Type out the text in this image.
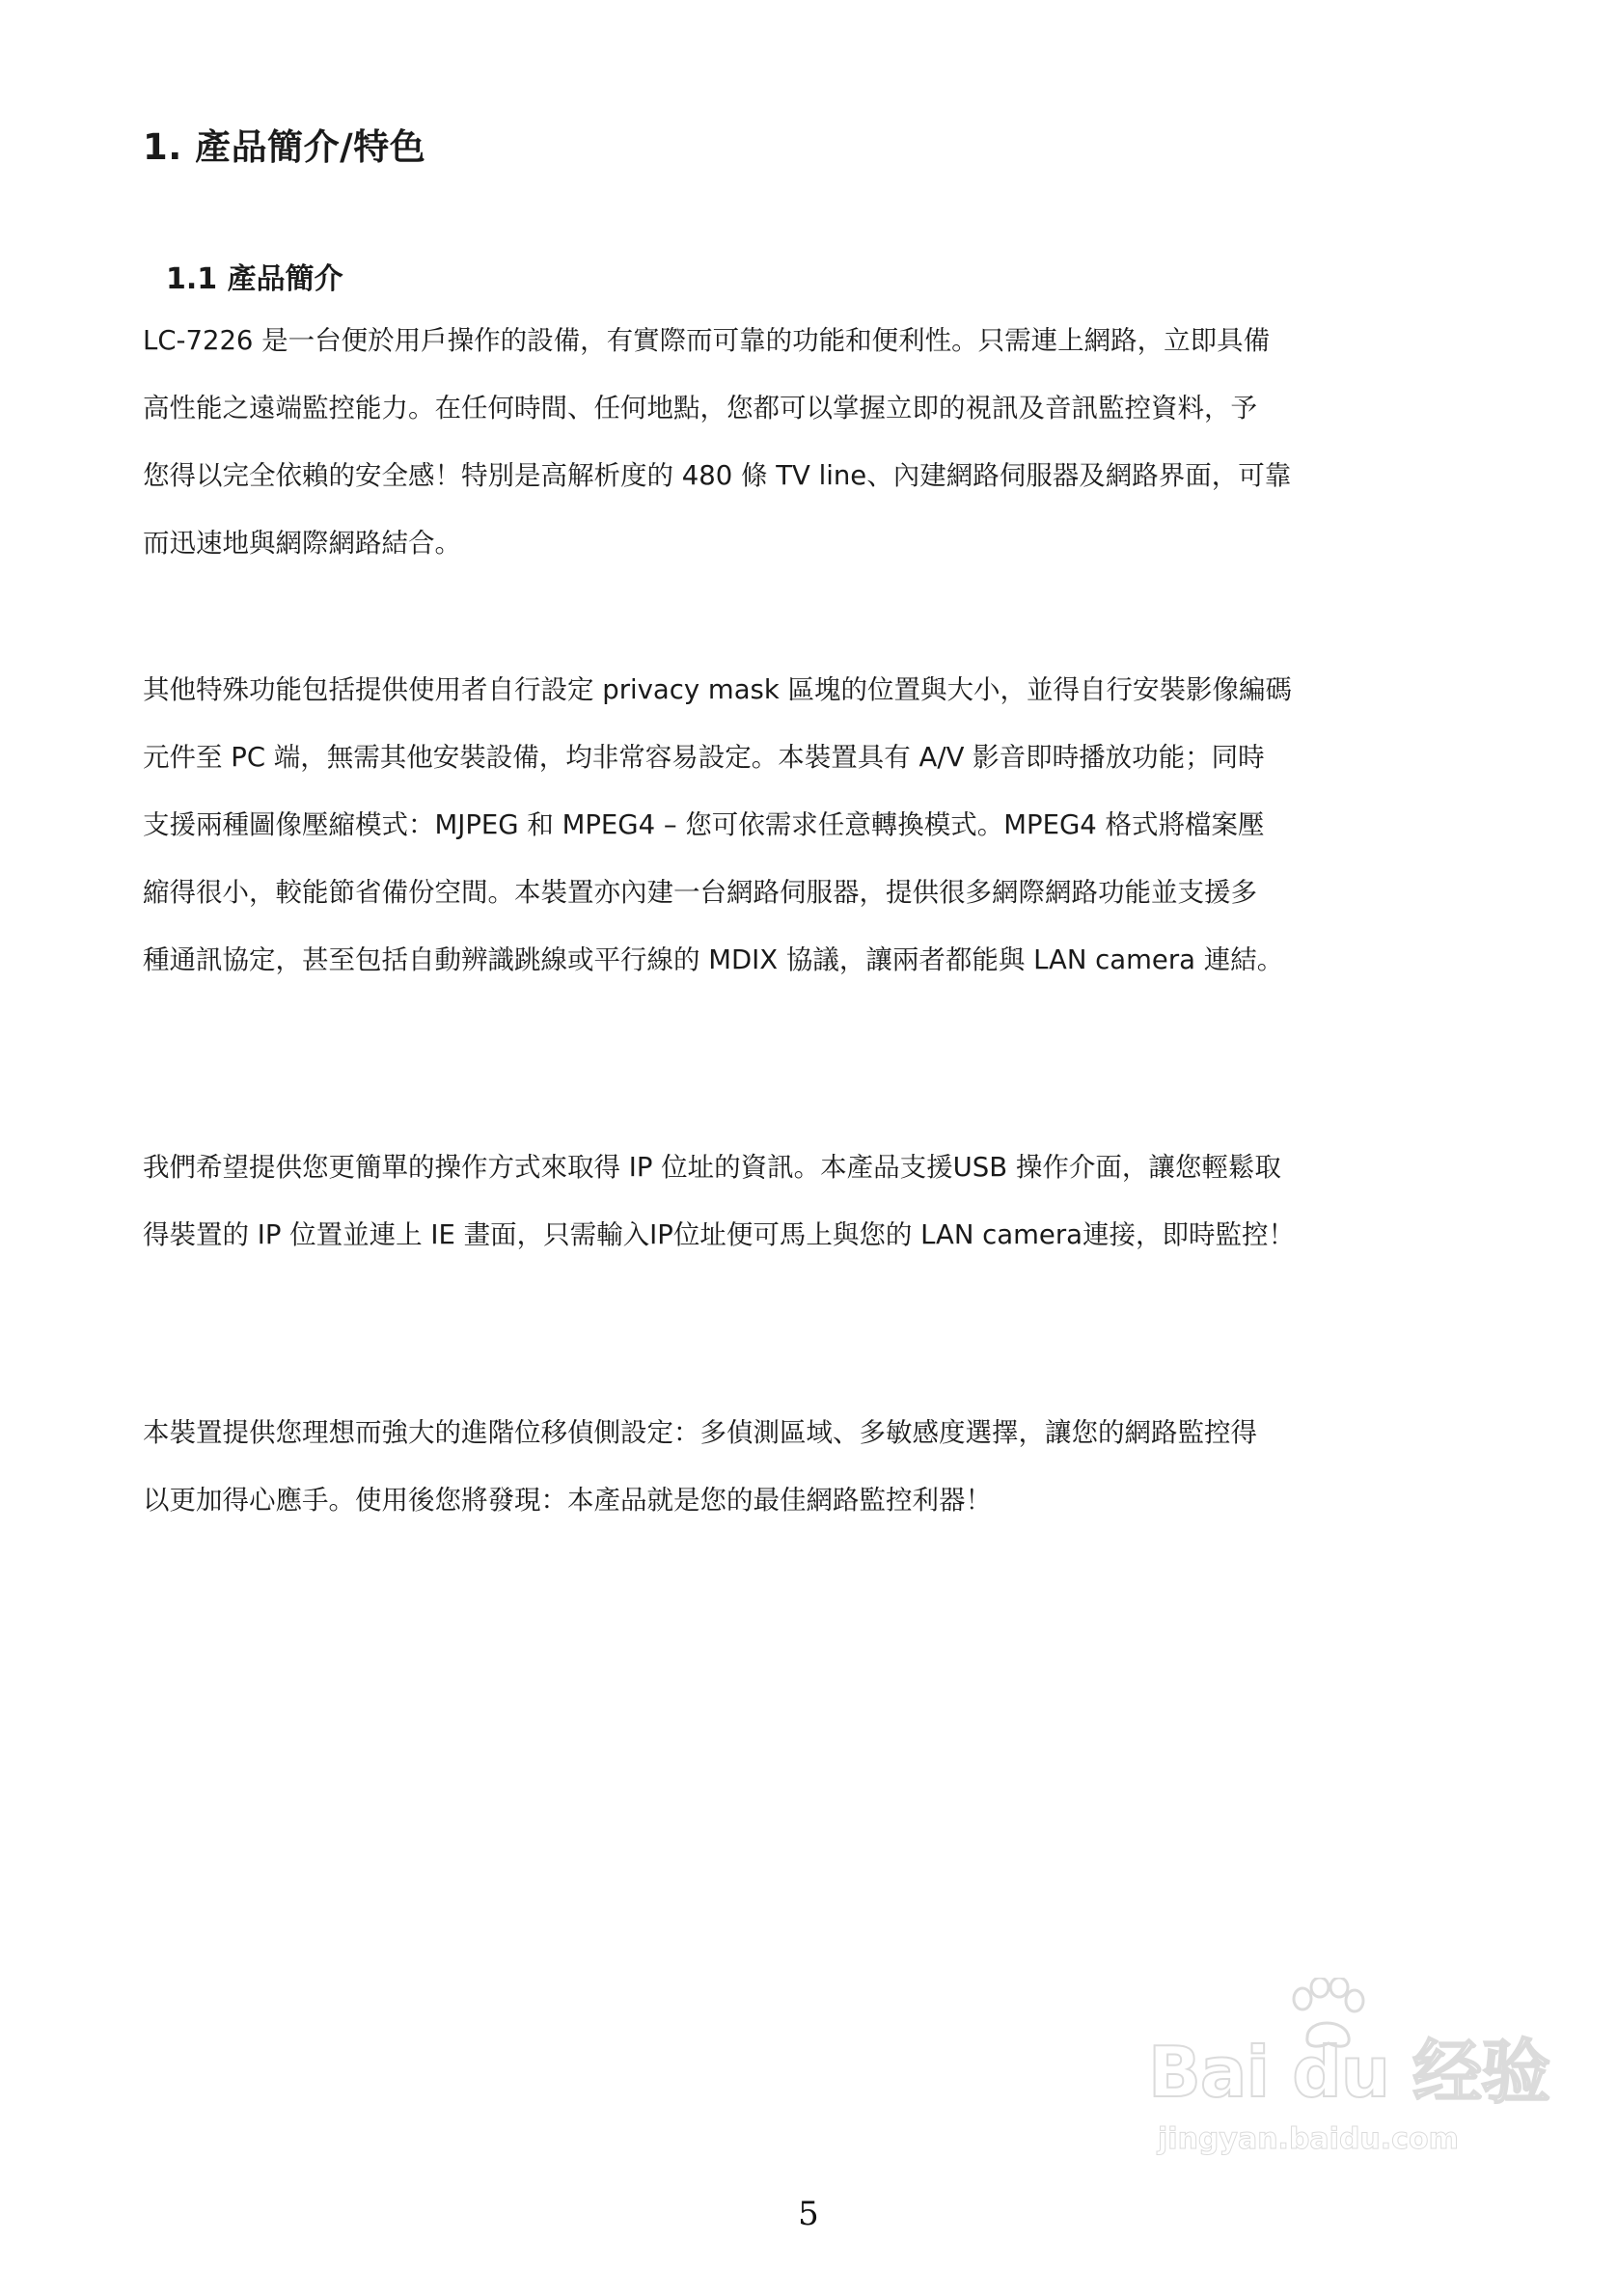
1. 產品簡介/特色
1.1 產品簡介
LC-7226 是一台便於用戶操作的設備，有實際而可靠的功能和便利性。只需連上網路，立即具備
高性能之遠端監控能力。在任何時間、任何地點，您都可以掌握立即的視訊及音訊監控資料，予
您得以完全依賴的安全感！特別是高解析度的 480 條 TV line、內建網路伺服器及網路界面，可靠
而迅速地與網際網路結合。
其他特殊功能包括提供使用者自行設定 privacy mask 區塊的位置與大小，並得自行安裝影像編碼
元件至 PC 端，無需其他安裝設備，均非常容易設定。本裝置具有 A/V 影音即時播放功能；同時
支援兩種圖像壓縮模式：MJPEG 和 MPEG4 – 您可依需求任意轉換模式。MPEG4 格式將檔案壓
縮得很小，較能節省備份空間。本裝置亦內建一台網路伺服器，提供很多網際網路功能並支援多
種通訊協定，甚至包括自動辨識跳線或平行線的 MDIX 協議，讓兩者都能與 LAN camera 連結。
我們希望提供您更簡單的操作方式來取得 IP 位址的資訊。本產品支援USB 操作介面，讓您輕鬆取
得裝置的 IP 位置並連上 IE 畫面，只需輸入IP位址便可馬上與您的 LAN camera連接，即時監控！
本裝置提供您理想而強大的進階位移偵側設定：多偵測區域、多敏感度選擇，讓您的網路監控得
以更加得心應手。使用後您將發現：本產品就是您的最佳網路監控利器！
Bai du 经验
jingyan.baidu.com
5
